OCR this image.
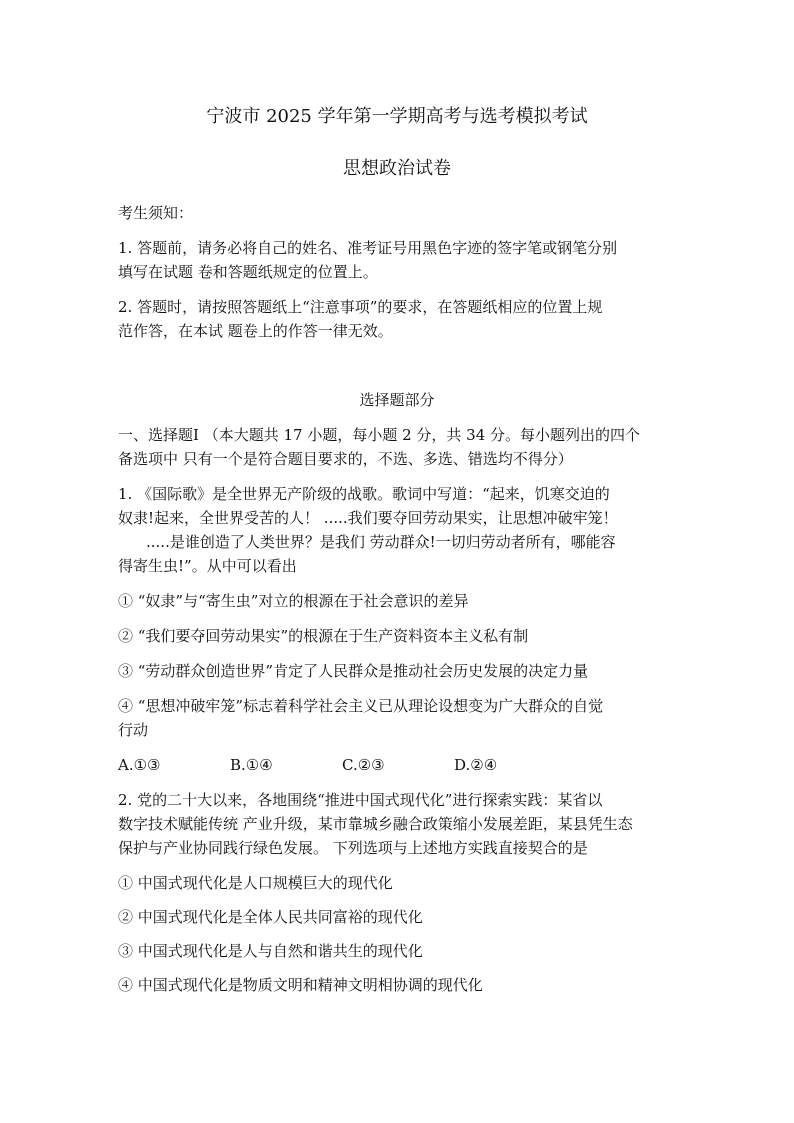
宁波市 2025 学年第一学期高考与选考模拟考试
思想政治试卷
考生须知：
1. 答题前，请务必将自己的姓名、准考证号用黑色字迹的签字笔或钢笔分别
填写在试题 卷和答题纸规定的位置上。
2. 答题时，请按照答题纸上“注意事项”的要求，在答题纸相应的位置上规
范作答，在本试 题卷上的作答一律无效。
选择题部分
一、选择题Ⅰ （本大题共 17 小题，每小题 2 分，共 34 分。每小题列出的四个
备选项中 只有一个是符合题目要求的，不选、多选、错选均不得分）
1. 《国际歌》是全世界无产阶级的战歌。歌词中写道：“起来，饥寒交迫的
奴隶!起来，全世界受苦的人！ .....我们要夺回劳动果实，让思想冲破牢笼！
.....是谁创造了人类世界？是我们 劳动群众!一切归劳动者所有，哪能容
得寄生虫!”。从中可以看出
① “奴隶”与“寄生虫”对立的根源在于社会意识的差异
② “我们要夺回劳动果实”的根源在于生产资料资本主义私有制
③ “劳动群众创造世界”肯定了人民群众是推动社会历史发展的决定力量
④ “思想冲破牢笼”标志着科学社会主义已从理论设想变为广大群众的自觉
行动
A.①③	B.①④	C.②③	D.②④
2. 党的二十大以来，各地围绕“推进中国式现代化”进行探索实践：某省以
数字技术赋能传统 产业升级，某市靠城乡融合政策缩小发展差距，某县凭生态
保护与产业协同践行绿色发展。 下列选项与上述地方实践直接契合的是
① 中国式现代化是人口规模巨大的现代化
② 中国式现代化是全体人民共同富裕的现代化
③ 中国式现代化是人与自然和谐共生的现代化
④ 中国式现代化是物质文明和精神文明相协调的现代化
